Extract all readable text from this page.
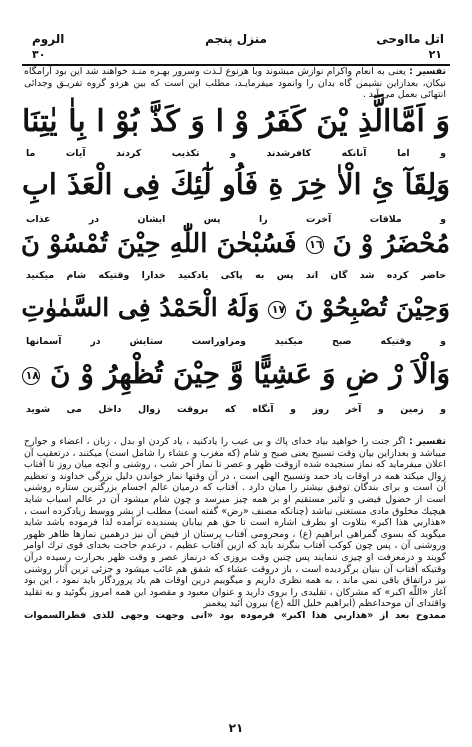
اتل مااوحی
منزل پنجم
الروم
۲۱
۳۰
تفسیر : یعنی به انعام واکرام نوازش میشوند وبا هرنوع لـذت وسرور بهـره منـد خواهند شد این بود آرامگاه نیکان، بعدازاین نشیمن گاه بدان را وانمود میفرمایـد، مطلب این است که بین هردو گروه تفریـق وجدائی انتهائی بعمل می آید .
وَ اَمَّاالَّذِ يْنَ كَفَرُ وْ ا وَ كَذَّ بُوْ ا بِاٰ يٰتِنَا
و اما آنانکه کافرشدند و تکذیب کردند آیات ما
وَلِقَآ ئِ الْاٰ خِرَ ةِ فَاُو لٰٓئِكَ فِى الْعَذَ ابِ
و ملاقات آخرت را پس ایشان در عذاب
مُحْضَرُ وْ نَ ١٦ فَسُبْحٰنَ اللّٰهِ حِيْنَ تُمْسُوْ نَ
حاضر کرده شد گان اند پس به پاکی یادکنید خدارا وقتیکه شام میکنید
وَحِيْنَ تُصْبِحُوْ نَ ١٧ وَلَهُ الْحَمْدُ فِى السَّمٰوٰتِ
و وقتیکه صبح میکنید ومراوراست ستایش در آسمانها
وَالْاَ رْ ضِ وَ عَشِيًّا وَّ حِيْنَ تُظْهِرُ وْ نَ ١٨
و زمین و آخر روز و آنگاه که بروقت زوال داخل می شوید
تفسیر : اگر جنت را خواهید بیاد خدای پاك و بی عیب را یادکنید ، یاد کردن او بدل ، زبان ، اعضاء و جوارح میباشد و بعدازاین بیان وقت تسبیح یعنی صبح و شام (که مغرب و عشاء را شامل است) میکنند ، درتعقیب آن اعلان میفرماید که نماز سنجیده شده ازوقت ظهر و عصر تا نماز آخر شب ، روشنی و آنچه میان روز تا آفتاب زوال میکند همه در اوقات یاد حمد وتسبیح الهی است ، در آن وقتها نماز خواندن دلیل بزرگی خداوند و تعظیم آن است و برای بندگان توفیق بیشتر را میان دارد . آفتاب که درمیان عالم اجسام بزرگترین ستاره روشنی است از حضول فیضی و تأثیر مستقیم او بر همه چیز میرسد و چون شام میشود آن در عالم اسباب شاید هیچیك مخلوق مادی مستغنی نباشد (چنانکه مصنف «رض» گفته است) مطلب از بشر ووسط زیادکرده است ، «هذاربي هذا اكبر» بتلاوت او بطرف اشاره است تا حق هم بیابان پسندیده ترآمده لذا فرموده باشد شاید میگوید که بسوی گمراهی ابراهیم (ع) ، ومحرومی آفتاب پرستان از فیض آن نیز درهمین نمازها ظاهر ظهور وروشنی آن ، پس چون کوکب آفتاب بنگرند باید که ازین آفتاب عظیم ، درعدم حاجت بخدای قوی ترك اوامر گویند و درمعرفت او چیزی ننمایند پس چنین وقت بروزی که درنماز عصر و وقت ظهر بحرارت رسیده درآن وقتیکه آفتاب آن بنیان برگردیده است ، باز دروقت عشاء که شفق هم غائب میشود و جزئی ترین آثار روشنی نیز دراتفاق باقی نمی ماند ، به همه نظری داریم و میگوییم درین اوقات هم یاد پروردگار باید نمود ، این بود آغاز «اللّٰه اكبر» که مشرکان ، تقلیدی را بروی دارید و عنوان معبود و مقصود این همه امروز بگوئید و به تقلید واقتدای آن موحداعظم (ابراهیم خلیل الله (ع) بیرون آئید پیغمبر
ممدوح بعد از «هذاربي هذا اكبر» فرموده بود «انى وجهت وجهى للذى فطرالسموات
۲۱
